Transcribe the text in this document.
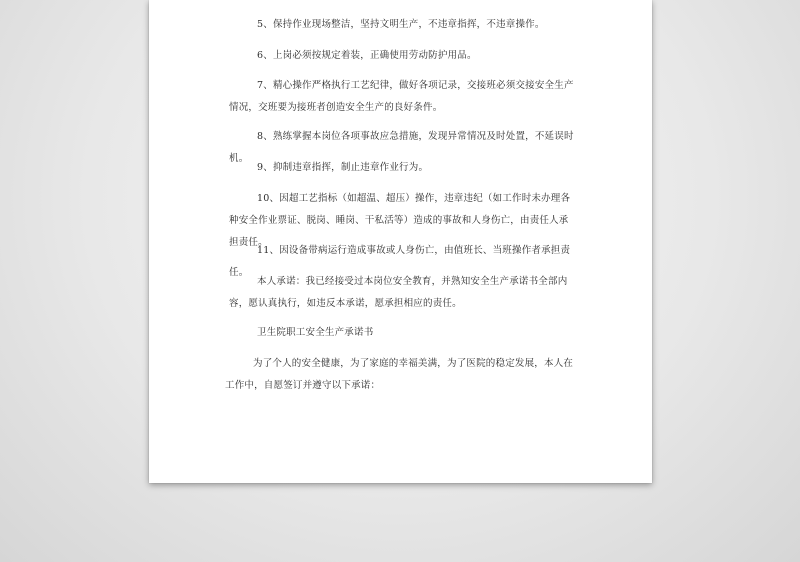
5、保持作业现场整洁，坚持文明生产，不违章指挥，不违章操作。

6、上岗必须按规定着装，正确使用劳动防护用品。

7、精心操作严格执行工艺纪律，做好各项记录，交接班必须交接安全生产情况，交班要为接班者创造安全生产的良好条件。

8、熟练掌握本岗位各项事故应急措施，发现异常情况及时处置，不延误时机。

9、抑制违章指挥，制止违章作业行为。

10、因超工艺指标（如超温、超压）操作，违章违纪（如工作时未办理各种安全作业票证、脱岗、睡岗、干私活等）造成的事故和人身伤亡，由责任人承担责任。

11、因设备带病运行造成事故或人身伤亡，由值班长、当班操作者承担责任。

本人承诺：我已经接受过本岗位安全教育，并熟知安全生产承诺书全部内容，愿认真执行，如违反本承诺，愿承担相应的责任。

卫生院职工安全生产承诺书

为了个人的安全健康，为了家庭的幸福美满，为了医院的稳定发展，本人在工作中，自愿签订并遵守以下承诺：
